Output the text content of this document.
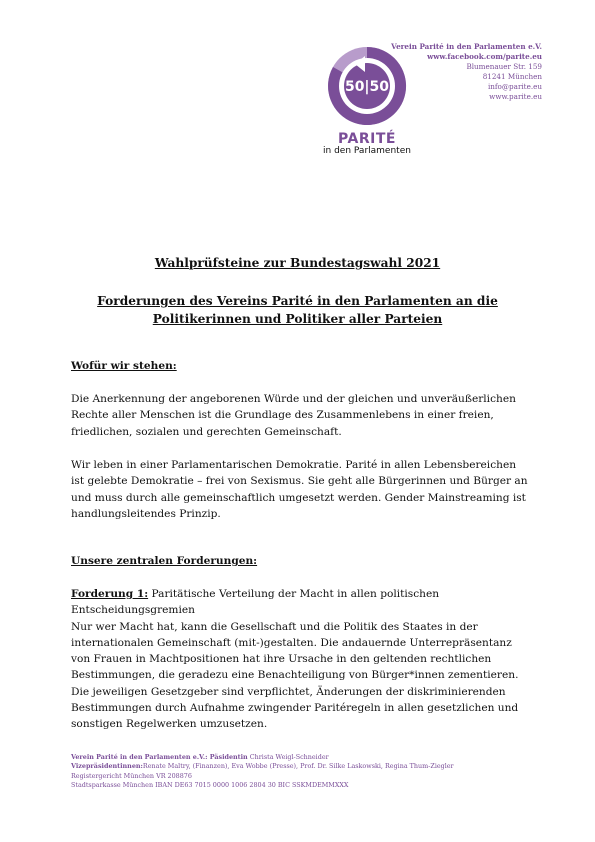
Verein Parité in den Parlamenten e.V.
www.facebook.com/parite.eu
Blumenauer Str. 159
81241 München
info@parite.eu
www.parite.eu
50|50
PARITÉ
in den Parlamenten
Wahlprüfsteine zur Bundestagswahl 2021
Forderungen des Vereins Parité in den Parlamenten an die
Politikerinnen und Politiker aller Parteien
Wofür wir stehen:

Die Anerkennung der angeborenen Würde und der gleichen und unveräußerlichen Rechte aller Menschen ist die Grundlage des Zusammenlebens in einer freien, friedlichen, sozialen und gerechten Gemeinschaft.

Wir leben in einer Parlamentarischen Demokratie. Parité in allen Lebensbereichen ist gelebte Demokratie – frei von Sexismus. Sie geht alle Bürgerinnen und Bürger an und muss durch alle gemeinschaftlich umgesetzt werden. Gender Mainstreaming ist handlungsleitendes Prinzip.

Unsere zentralen Forderungen:

Forderung 1: Paritätische Verteilung der Macht in allen politischen Entscheidungsgremien

Nur wer Macht hat, kann die Gesellschaft und die Politik des Staates in der internationalen Gemeinschaft (mit-)gestalten. Die andauernde Unterrepräsentanz von Frauen in Machtpositionen hat ihre Ursache in den geltenden rechtlichen Bestimmungen, die geradezu eine Benachteiligung von Bürger*innen zementieren. Die jeweiligen Gesetzgeber sind verpflichtet, Änderungen der diskriminierenden Bestimmungen durch Aufnahme zwingender Paritéregeln in allen gesetzlichen und sonstigen Regelwerken umzusetzen.

Verein Parité in den Parlamenten e.V.: Päsidentin Christa Weigl-Schneider
Vizepräsidentinnen:Renate Maltry, (Finanzen), Eva Wobbe (Presse), Prof. Dr. Silke Laskowski, Regina Thum-Ziegler
Registergericht München VR 208876
Stadtsparkasse München IBAN DE63 7015 0000 1006 2804 30 BIC SSKMDEMMXXX
